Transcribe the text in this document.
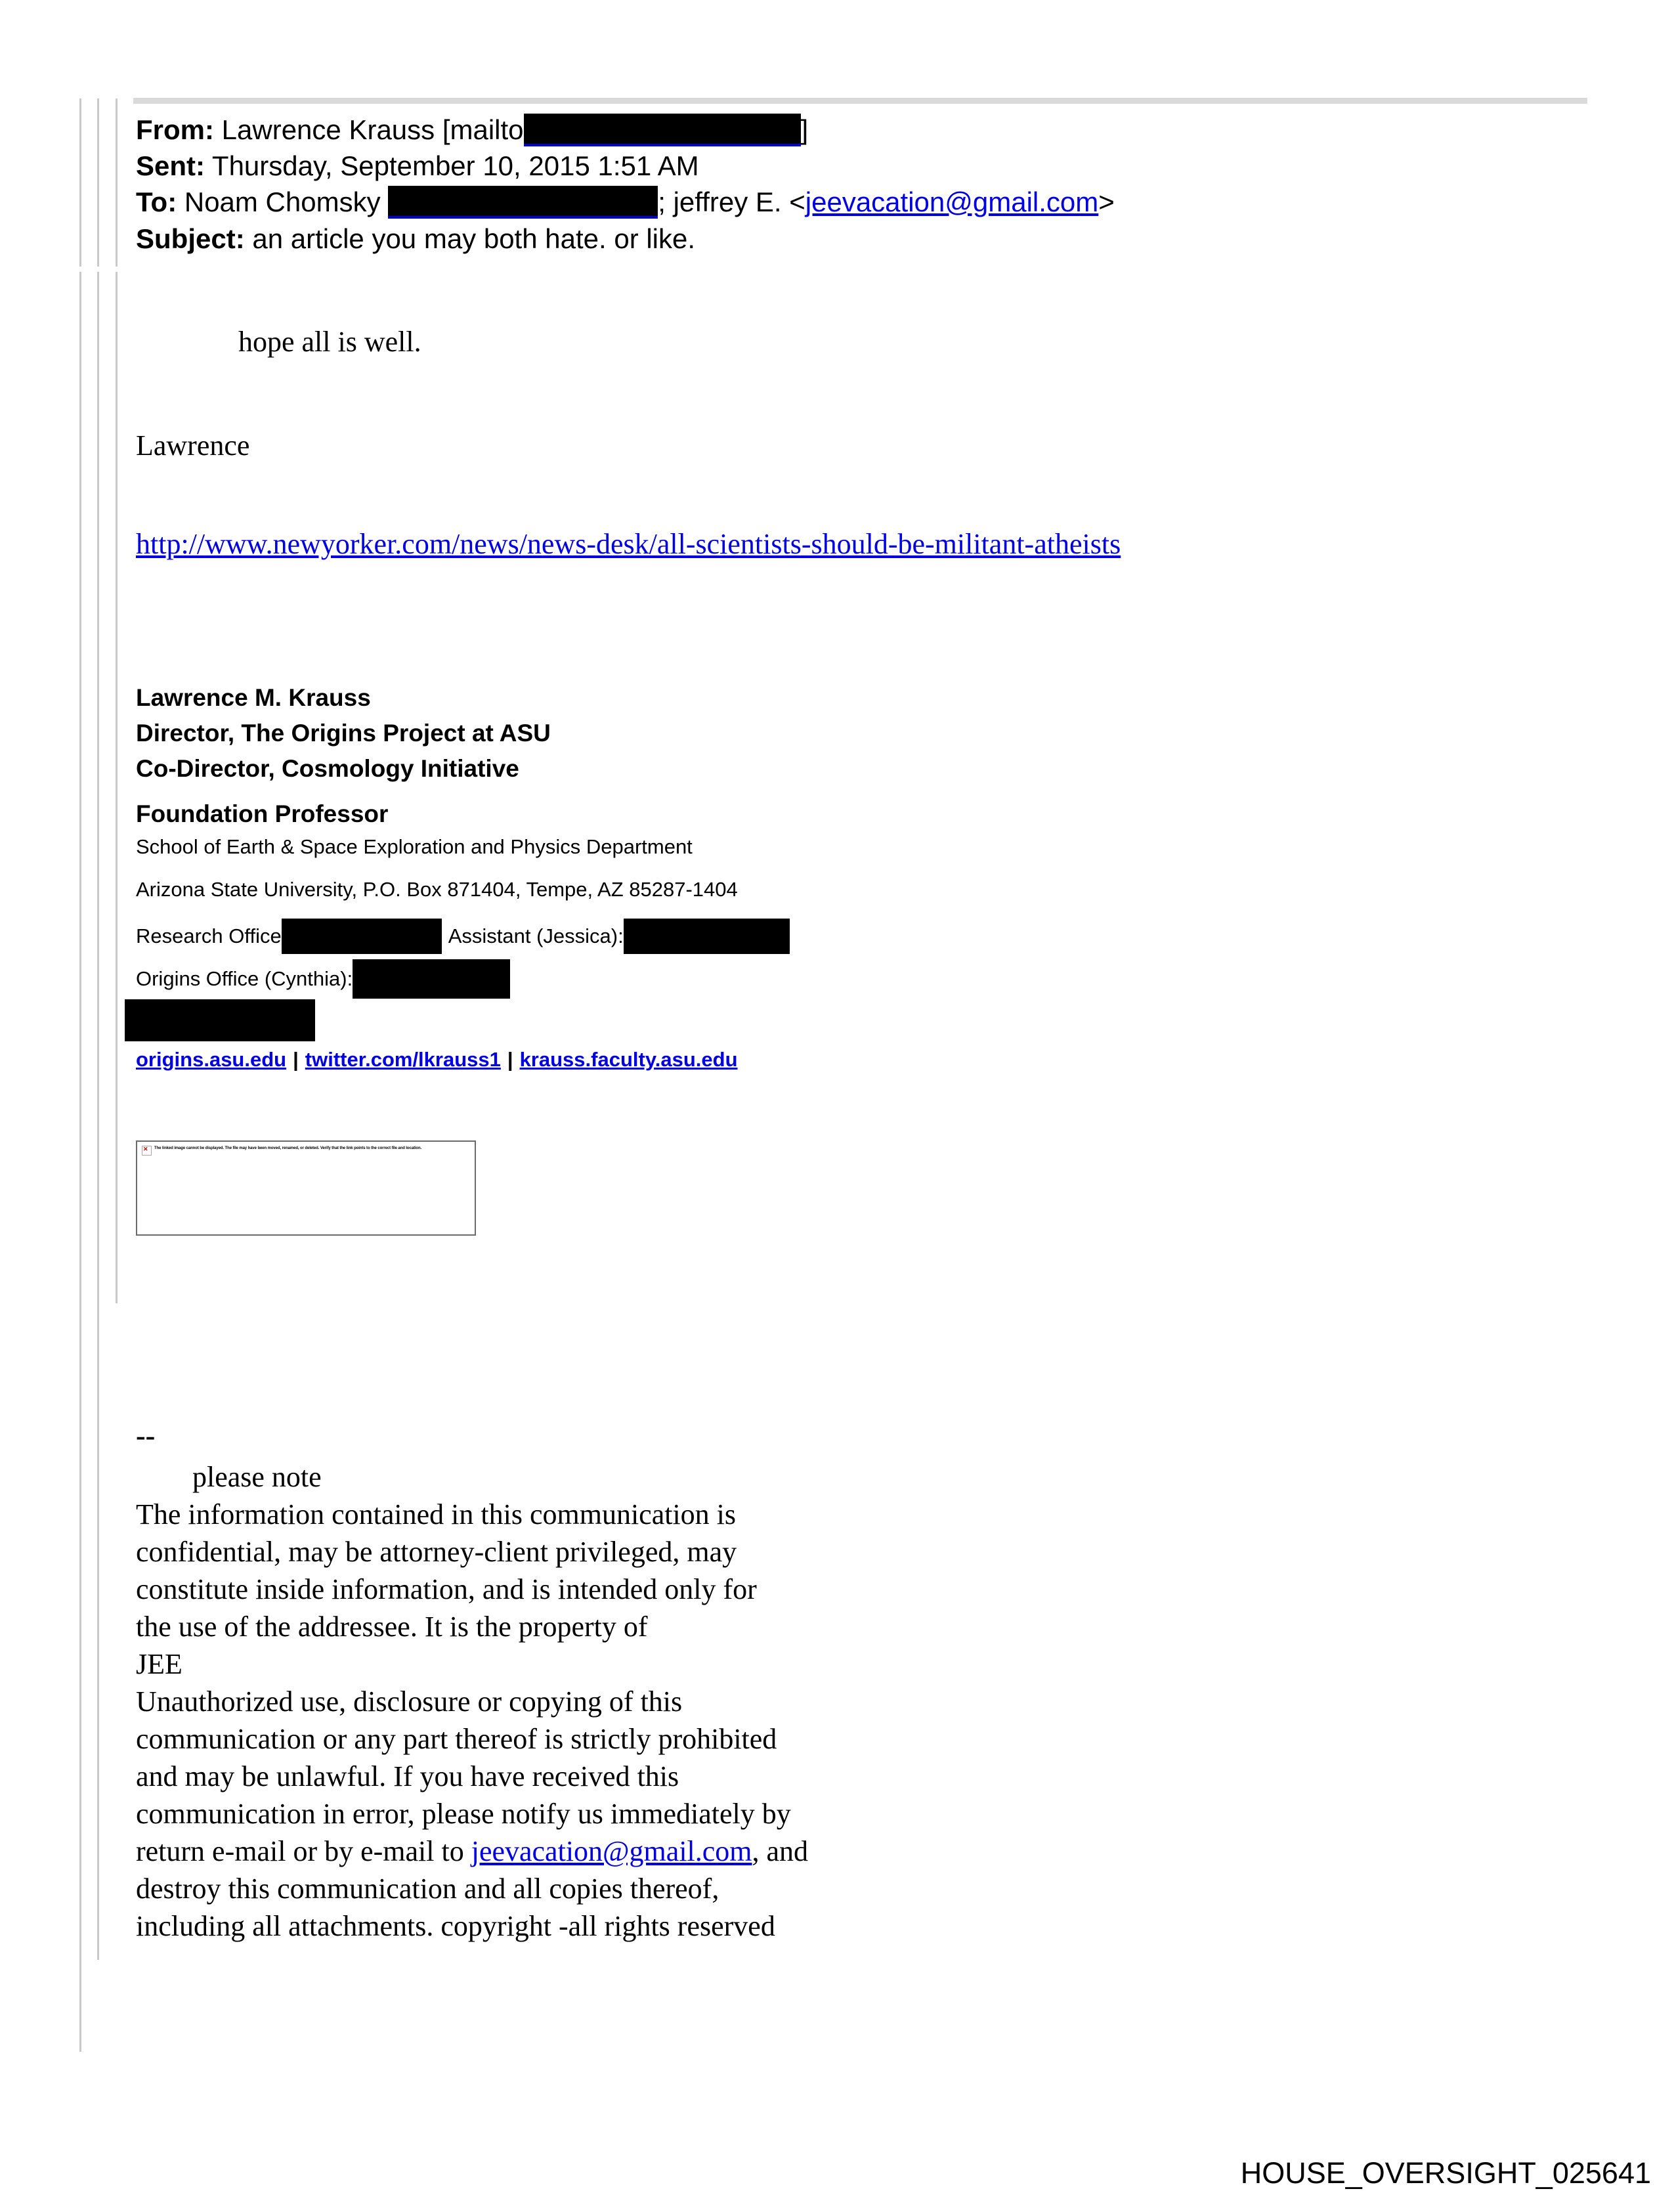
From: Lawrence Krauss [mailto	]
Sent: Thursday, September 10, 2015 1:51 AM
To: Noam Chomsky	; jeffrey E. <jeevacation@gmail.com>
Subject: an article you may both hate. or like.
hope all is well.
Lawrence
http://www.newyorker.com/news/news-desk/all-scientists-should-be-militant-atheists
Lawrence M. Krauss
Director, The Origins Project at ASU
Co-Director, Cosmology Initiative
Foundation Professor
School of Earth & Space Exploration and Physics Department
Arizona State University, P.O. Box 871404, Tempe, AZ 85287-1404
Research Office	Assistant (Jessica):
Origins Office (Cynthia):
origins.asu.edu | twitter.com/lkrauss1 | krauss.faculty.asu.edu
✕
The linked image cannot be displayed. The file may have been moved, renamed, or deleted. Verify that the link points to the correct file and location.
--
please note
The information contained in this communication is
confidential, may be attorney-client privileged, may
constitute inside information, and is intended only for
the use of the addressee. It is the property of
JEE
Unauthorized use, disclosure or copying of this
communication or any part thereof is strictly prohibited
and may be unlawful. If you have received this
communication in error, please notify us immediately by
return e-mail or by e-mail to jeevacation@gmail.com, and
destroy this communication and all copies thereof,
including all attachments. copyright -all rights reserved
HOUSE_OVERSIGHT_025641
